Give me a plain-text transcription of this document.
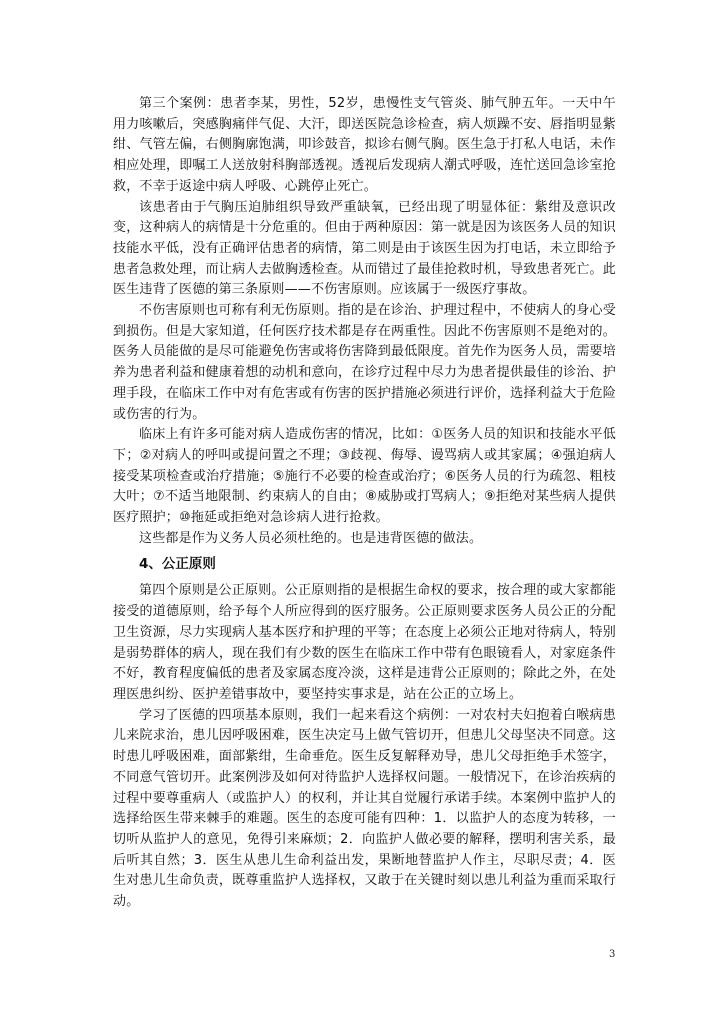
第三个案例：患者李某，男性，52岁，患慢性支气管炎、肺气肿五年。一天中午用力咳嗽后，突感胸痛伴气促、大汗，即送医院急诊检查，病人烦躁不安、唇指明显紫绀、气管左偏，右侧胸廓饱满，叩诊鼓音，拟诊右侧气胸。医生急于打私人电话，未作相应处理，即嘱工人送放射科胸部透视。透视后发现病人潮式呼吸，连忙送回急诊室抢救，不幸于返途中病人呼吸、心跳停止死亡。

该患者由于气胸压迫肺组织导致严重缺氧，已经出现了明显体征：紫绀及意识改变，这种病人的病情是十分危重的。但由于两种原因：第一就是因为该医务人员的知识技能水平低，没有正确评估患者的病情，第二则是由于该医生因为打电话，未立即给予患者急救处理，而让病人去做胸透检查。从而错过了最佳抢救时机，导致患者死亡。此医生违背了医德的第三条原则——不伤害原则。应该属于一级医疗事故。

不伤害原则也可称有利无伤原则。指的是在诊治、护理过程中，不使病人的身心受到损伤。但是大家知道，任何医疗技术都是存在两重性。因此不伤害原则不是绝对的。医务人员能做的是尽可能避免伤害或将伤害降到最低限度。首先作为医务人员，需要培养为患者利益和健康着想的动机和意向，在诊疗过程中尽力为患者提供最佳的诊治、护理手段，在临床工作中对有危害或有伤害的医护措施必须进行评价，选择利益大于危险或伤害的行为。

临床上有许多可能对病人造成伤害的情况，比如：①医务人员的知识和技能水平低下；②对病人的呼叫或提问置之不理；③歧视、侮辱、谩骂病人或其家属；④强迫病人接受某项检查或治疗措施；⑤施行不必要的检查或治疗；⑥医务人员的行为疏忽、粗枝大叶；⑦不适当地限制、约束病人的自由；⑧威胁或打骂病人；⑨拒绝对某些病人提供医疗照护；⑩拖延或拒绝对急诊病人进行抢救。

这些都是作为义务人员必须杜绝的。也是违背医德的做法。

4、公正原则

第四个原则是公正原则。公正原则指的是根据生命权的要求，按合理的或大家都能接受的道德原则，给予每个人所应得到的医疗服务。公正原则要求医务人员公正的分配卫生资源，尽力实现病人基本医疗和护理的平等；在态度上必须公正地对待病人，特别是弱势群体的病人，现在我们有少数的医生在临床工作中带有色眼镜看人，对家庭条件不好，教育程度偏低的患者及家属态度冷淡，这样是违背公正原则的；除此之外，在处理医患纠纷、医护差错事故中，要坚持实事求是，站在公正的立场上。

学习了医德的四项基本原则，我们一起来看这个病例：一对农村夫妇抱着白喉病患儿来院求治，患儿因呼吸困难，医生决定马上做气管切开，但患儿父母坚决不同意。这时患儿呼吸困难，面部紫绀，生命垂危。医生反复解释劝导，患儿父母拒绝手术签字，不同意气管切开。此案例涉及如何对待监护人选择权问题。一般情况下，在诊治疾病的过程中要尊重病人（或监护人）的权利，并让其自觉履行承诺手续。本案例中监护人的选择给医生带来棘手的难题。医生的态度可能有四种：1．以监护人的态度为转移，一切听从监护人的意见，免得引来麻烦；2．向监护人做必要的解释，摆明利害关系，最后听其自然；3．医生从患儿生命利益出发，果断地替监护人作主，尽职尽责；4．医生对患儿生命负责，既尊重监护人选择权，又敢于在关键时刻以患儿利益为重而采取行动。

3
